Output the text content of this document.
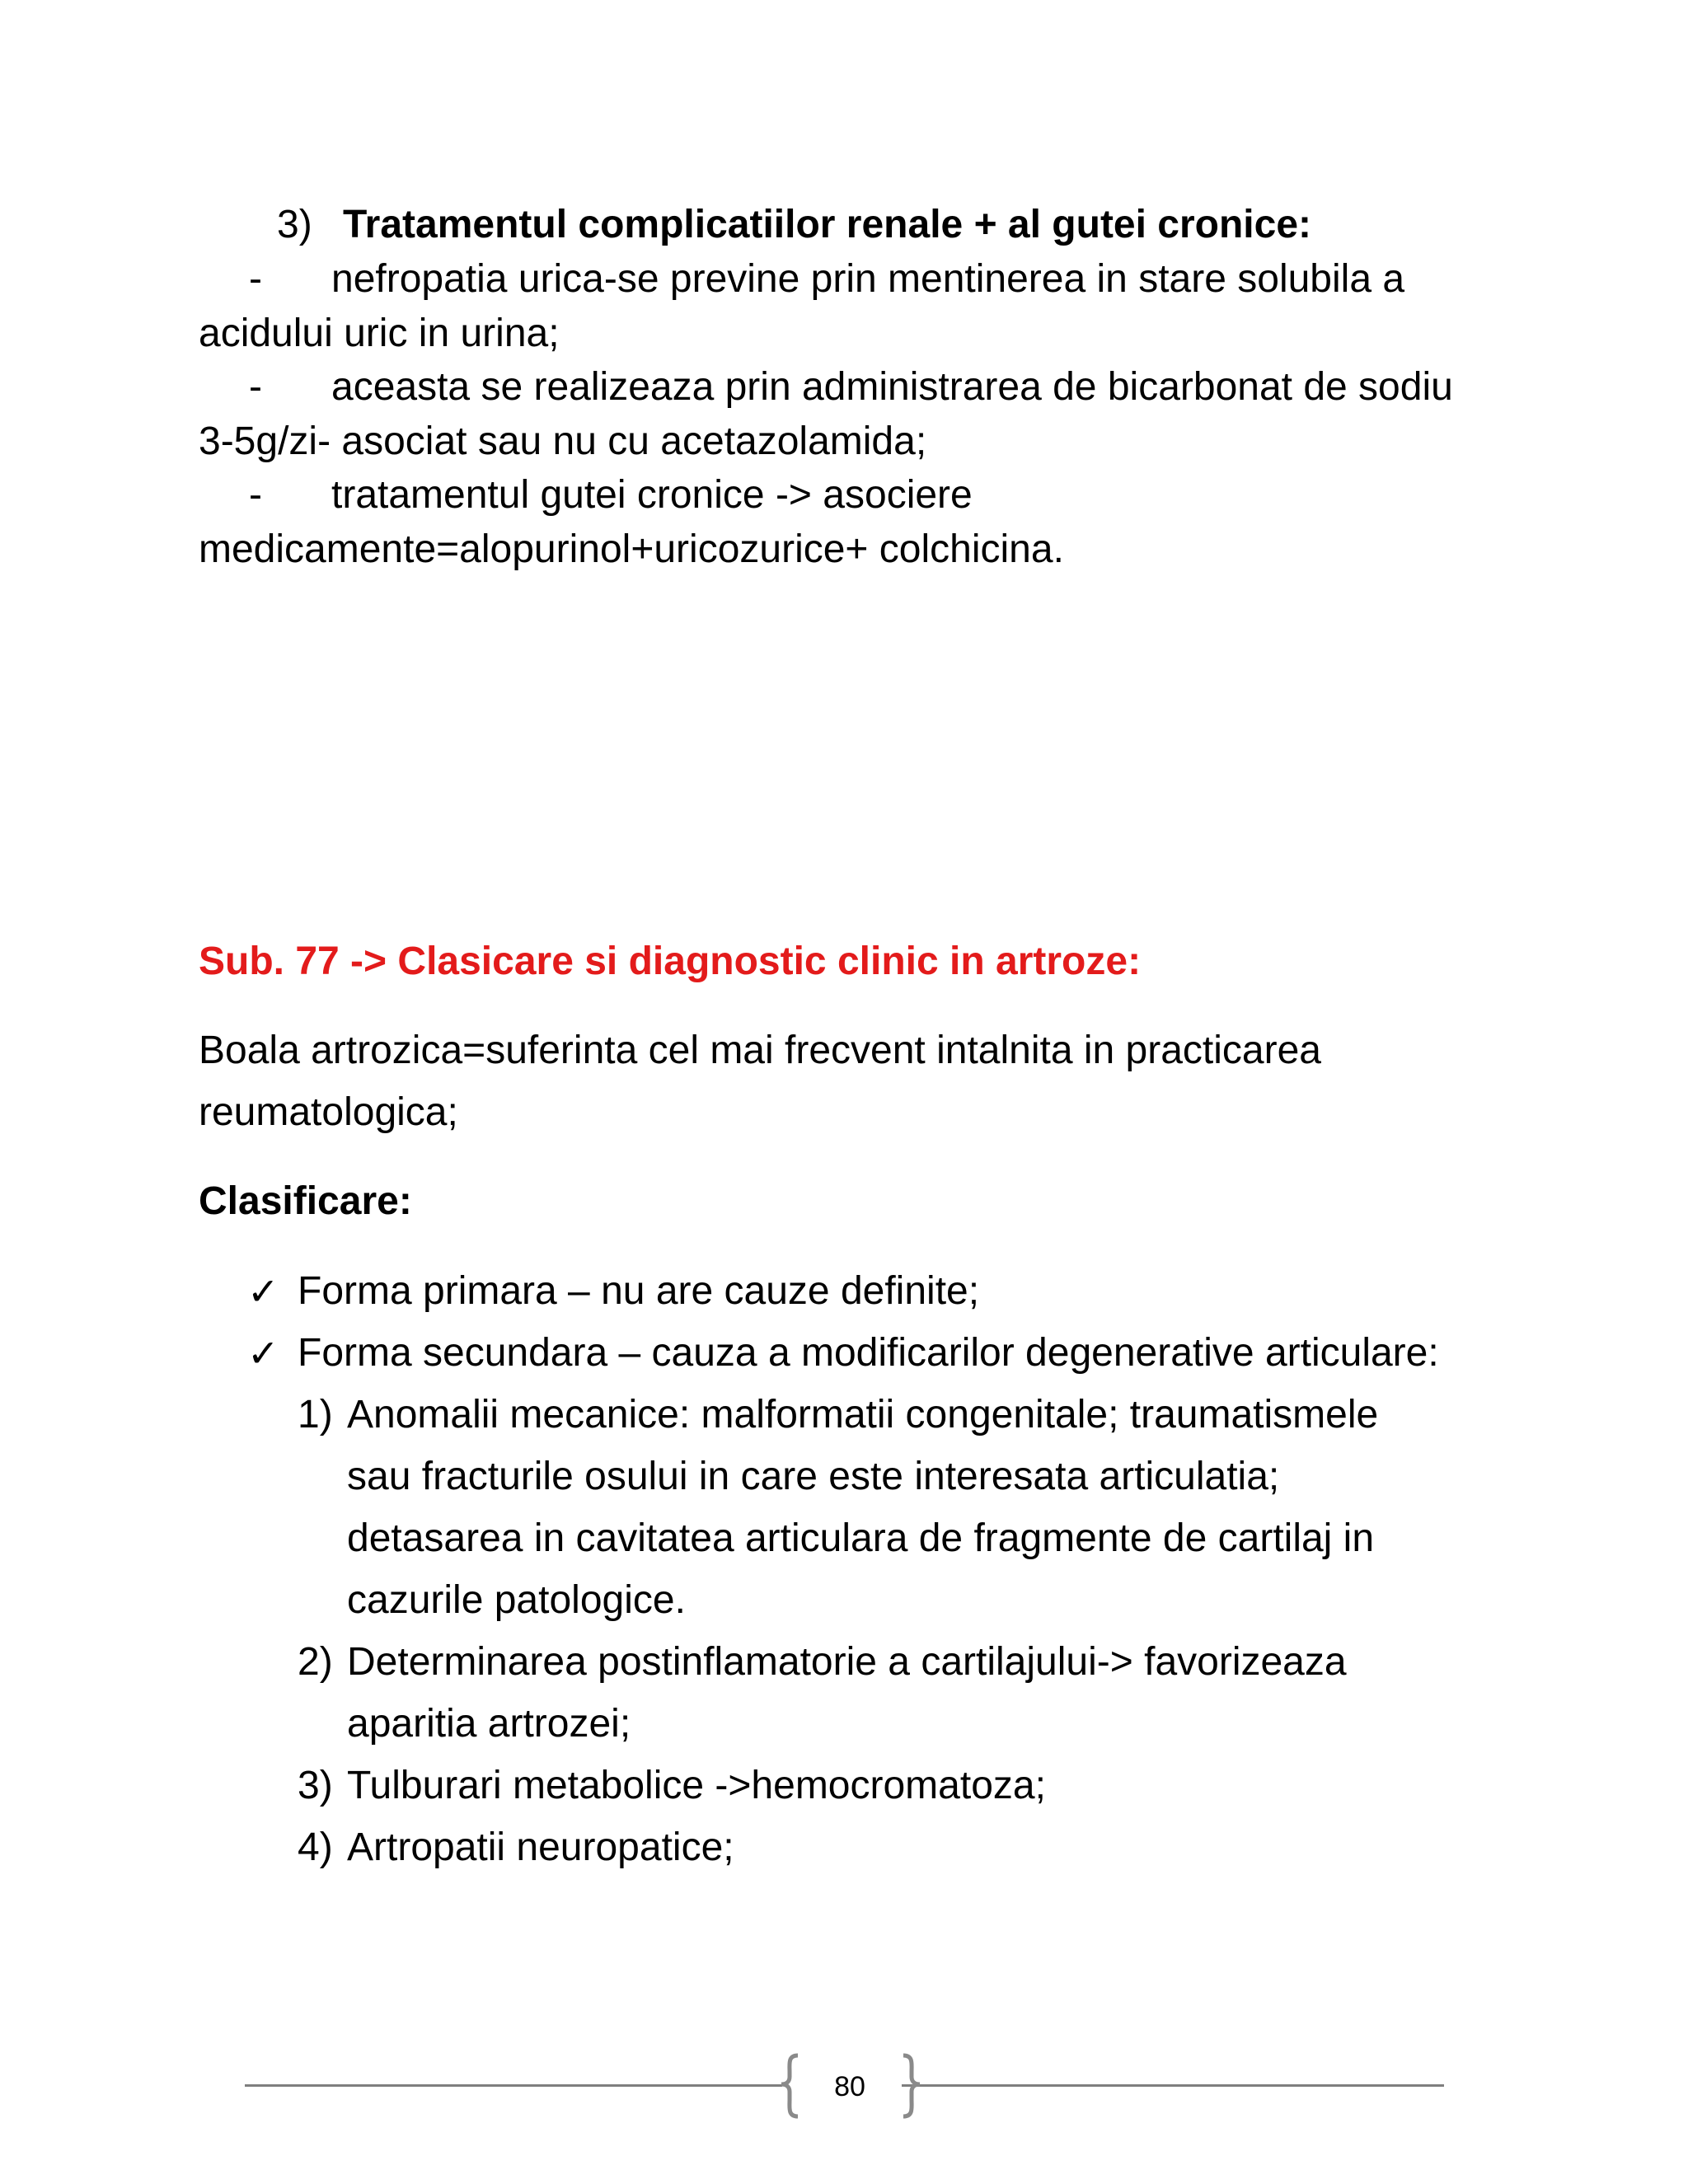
3) Tratamentul complicatiilor renale + al gutei cronice:
- nefropatia urica-se previne prin mentinerea in stare solubila a
acidului uric in urina;
- aceasta se realizeaza prin administrarea de bicarbonat de sodiu
3-5g/zi- asociat sau nu cu acetazolamida;
- tratamentul gutei cronice -> asociere
medicamente=alopurinol+uricozurice+ colchicina.
Sub. 77 -> Clasicare si diagnostic clinic in artroze:
Boala artrozica=suferinta cel mai frecvent intalnita in practicarea
reumatologica;
Clasificare:
✓ Forma primara – nu are cauze definite;
✓ Forma secundara – cauza a modificarilor degenerative articulare:
1) Anomalii mecanice: malformatii congenitale; traumatismele
sau fracturile osului in care este interesata articulatia;
detasarea in cavitatea articulara de fragmente de cartilaj in
cazurile patologice.
2) Determinarea postinflamatorie a cartilajului-> favorizeaza
aparitia artrozei;
3) Tulburari metabolice ->hemocromatoza;
4) Artropatii neuropatice;
80
